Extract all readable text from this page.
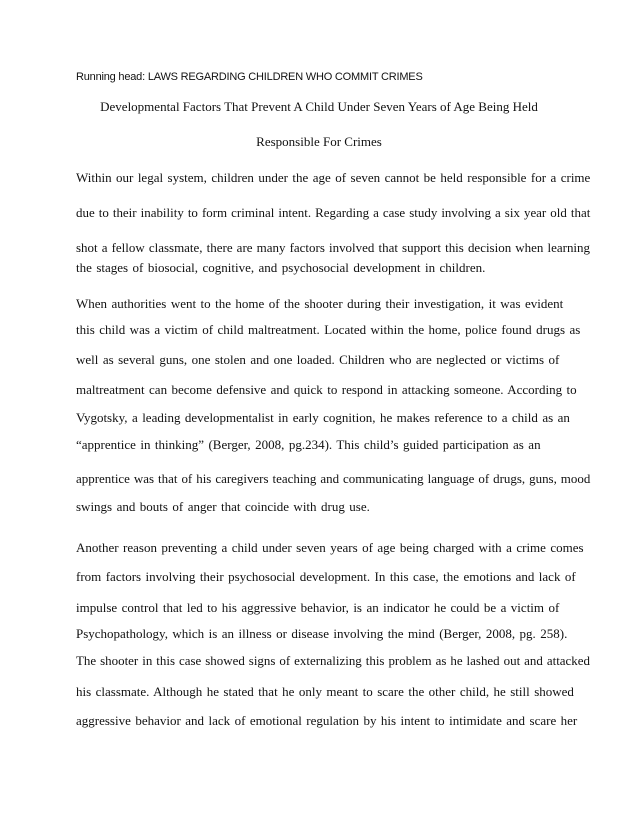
Running head: LAWS REGARDING CHILDREN WHO COMMIT CRIMES
Developmental Factors That Prevent A Child Under Seven Years of Age Being Held
Responsible For Crimes
Within our legal system, children under the age of seven cannot be held responsible for a crime
due to their inability to form criminal intent. Regarding a case study involving a six year old that
shot a fellow classmate, there are many factors involved that support this decision when learning
the stages of biosocial, cognitive, and psychosocial development in children.
When authorities went to the home of the shooter during their investigation, it was evident
this child was a victim of child maltreatment. Located within the home, police found drugs as
well as several guns, one stolen and one loaded. Children who are neglected or victims of
maltreatment can become defensive and quick to respond in attacking someone. According to
Vygotsky, a leading developmentalist in early cognition, he makes reference to a child as an
“apprentice in thinking” (Berger, 2008, pg.234). This child’s guided participation as an
apprentice was that of his caregivers teaching and communicating language of drugs, guns, mood
swings and bouts of anger that coincide with drug use.
Another reason preventing a child under seven years of age being charged with a crime comes
from factors involving their psychosocial development. In this case, the emotions and lack of
impulse control that led to his aggressive behavior, is an indicator he could be a victim of
Psychopathology, which is an illness or disease involving the mind (Berger, 2008, pg. 258).
The shooter in this case showed signs of externalizing this problem as he lashed out and attacked
his classmate. Although he stated that he only meant to scare the other child, he still showed
aggressive behavior and lack of emotional regulation by his intent to intimidate and scare her
